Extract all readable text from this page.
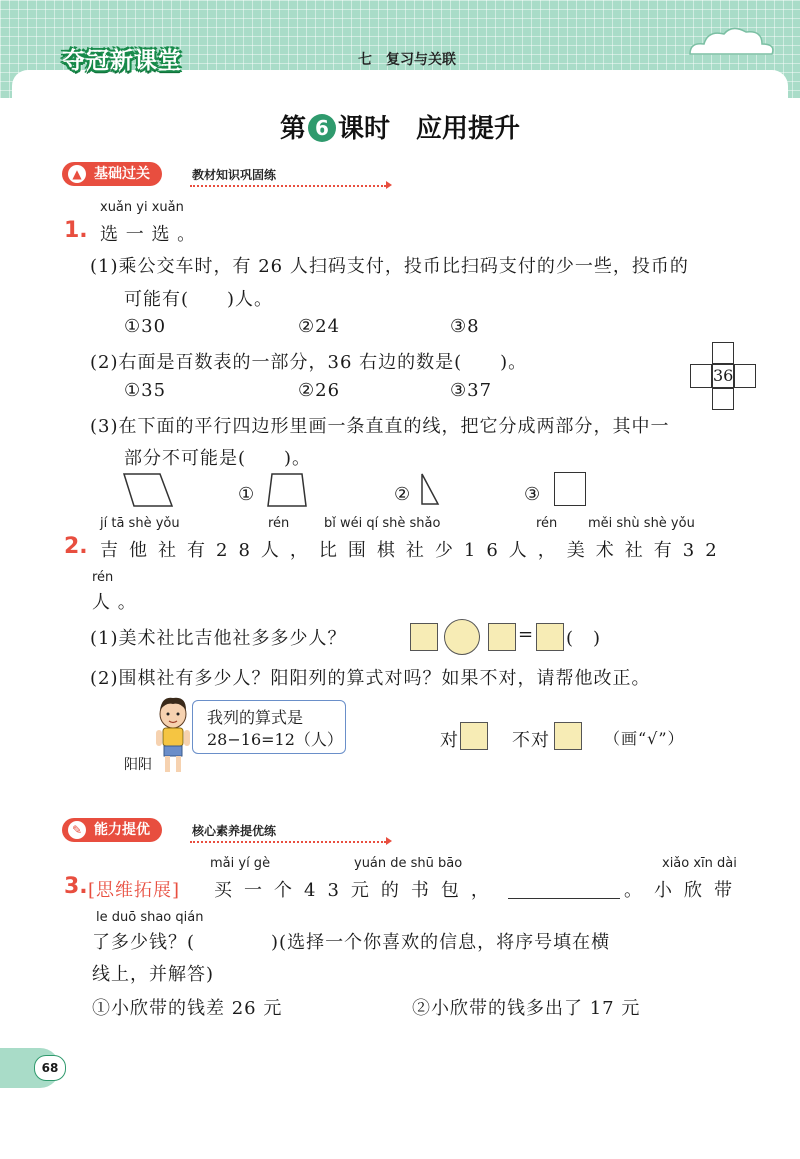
夺冠新课堂	七　复习与关联
第 6 课时　 应用提升
▲ 基础过关	教材知识巩固练
xuǎn yi xuǎn
1. 选 一 选 。
(1)乘公交车时，有 26 人扫码支付，投币比扫码支付的少一些，投币的
可能有(　　)人。
①30	②24	③8
(2)右面是百数表的一部分，36 右边的数是(　　)。
①35	②26	③37
36
(3)在下面的平行四边形里画一条直直的线，把它分成两部分，其中一
部分不可能是(　　)。
①	②	③
jí tā shè yǒu	rén	bǐ wéi qí shè shǎo	rén měi shù shè yǒu
2. 吉他社有28人，比围棋社少16人，美术社有32
rén
人 。
(1)美术社比吉他社多多少人？	= (　)
(2)围棋社有多少人？阳阳列的算式对吗？如果不对，请帮他改正。
阳阳
我列的算式是
28−16=12（人）	对	不对	（画“√”）
✎ 能力提优	核心素养提优练
mǎi yí gè	yuán de shū bāo	xiǎo xīn dài
3. [思维拓展] 买一个43元的书包，	。小欣带
le duō shao qián
了多少钱？(　　　　)(选择一个你喜欢的信息，将序号填在横
线上，并解答)
①小欣带的钱差 26 元	②小欣带的钱多出了 17 元
68
